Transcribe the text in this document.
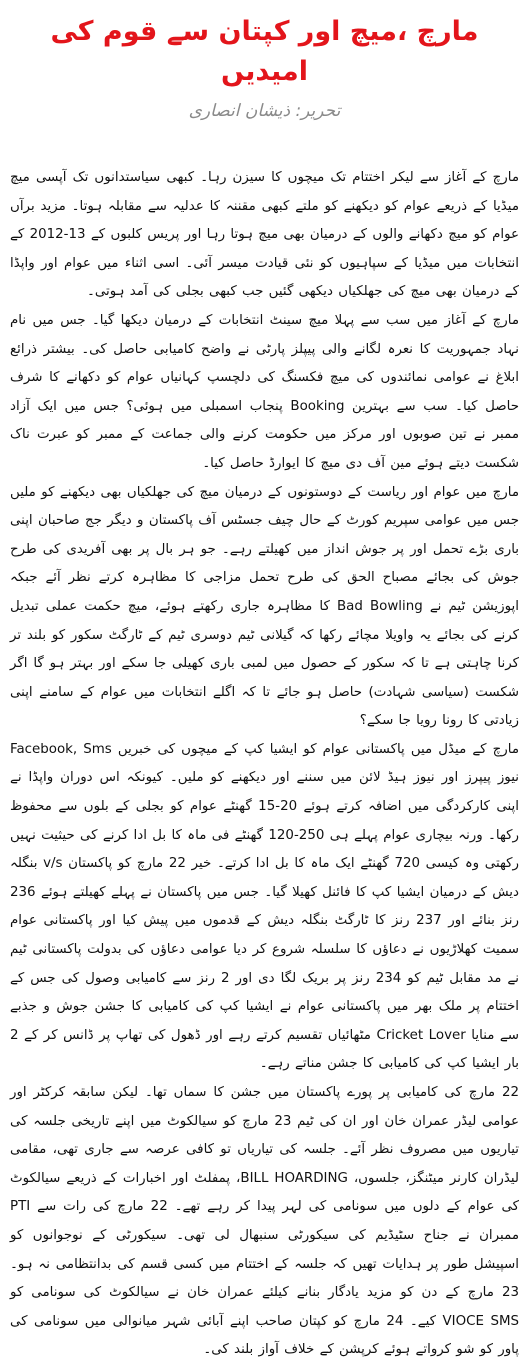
مارچ ،میچ اور کپتان سے قوم کی امیدیں
تحریر: ذیشان انصاری

مارچ کے آغاز سے لیکر اختتام تک میچوں کا سیزن رہا۔ کبھی سیاستدانوں تک آپسی میچ میڈیا کے ذریعے عوام کو دیکھنے کو ملتے کبھی مقننہ کا عدلیہ سے مقابلہ ہوتا۔ مزید برآں عوام کو میچ دکھانے والوں کے درمیان بھی میچ ہوتا رہا اور پریس کلبوں کے 13-2012 کے انتخابات میں میڈیا کے سپاہیوں کو نئی قیادت میسر آئی۔ اسی اثناء میں عوام اور واپڈا کے درمیان بھی میچ کی جھلکیاں دیکھی گئیں جب کبھی بجلی کی آمد ہوتی۔

مارچ کے آغاز میں سب سے پہلا میچ سینٹ انتخابات کے درمیان دیکھا گیا۔ جس میں نام نہاد جمہوریت کا نعرہ لگانے والی پیپلز پارٹی نے واضح کامیابی حاصل کی۔ بیشتر ذرائع ابلاغ نے عوامی نمائندوں کی میچ فکسنگ کی دلچسپ کہانیاں عوام کو دکھانے کا شرف حاصل کیا۔ سب سے بہترین Booking پنجاب اسمبلی میں ہوئی؟ جس میں ایک آزاد ممبر نے تین صوبوں اور مرکز میں حکومت کرنے والی جماعت کے ممبر کو عبرت ناک شکست دیتے ہوئے مین آف دی میچ کا ایوارڈ حاصل کیا۔

مارچ میں عوام اور ریاست کے دوستونوں کے درمیان میچ کی جھلکیاں بھی دیکھنے کو ملیں جس میں عوامی سپریم کورٹ کے حال چیف جسٹس آف پاکستان و دیگر جج صاحبان اپنی باری بڑے تحمل اور پر جوش انداز میں کھیلتے رہے۔ جو ہر بال پر بھی آفریدی کی طرح جوش کی بجائے مصباح الحق کی طرح تحمل مزاجی کا مظاہرہ کرتے نظر آئے جبکہ اپوزیشن ٹیم نے Bad Bowling کا مظاہرہ جاری رکھتے ہوئے، میچ حکمت عملی تبدیل کرنے کی بجائے یہ واویلا مچائے رکھا کہ گیلانی ٹیم دوسری ٹیم کے ٹارگٹ سکور کو بلند تر کرنا چاہتی ہے تا کہ سکور کے حصول میں لمبی باری کھیلی جا سکے اور بہتر ہو گا اگر شکست (سیاسی شہادت) حاصل ہو جائے تا کہ اگلے انتخابات میں عوام کے سامنے اپنی زیادتی کا رونا رویا جا سکے؟

مارچ کے میڈل میں پاکستانی عوام کو ایشیا کپ کے میچوں کی خبریں Facebook, Sms نیوز پیپرز اور نیوز ہیڈ لائن میں سننے اور دیکھنے کو ملیں۔ کیونکہ اس دوران واپڈا نے اپنی کارکردگی میں اضافہ کرتے ہوئے 20-15 گھنٹے عوام کو بجلی کے بلوں سے محفوظ رکھا۔ ورنہ بیچاری عوام پہلے ہی 250-120 گھنٹے فی ماہ کا بل ادا کرنے کی حیثیت نہیں رکھتی وہ کیسی 720 گھنٹے ایک ماہ کا بل ادا کرتے۔ خیر 22 مارچ کو پاکستان v/s بنگلہ دیش کے درمیان ایشیا کپ کا فائنل کھیلا گیا۔ جس میں پاکستان نے پہلے کھیلتے ہوئے 236 رنز بنائے اور 237 رنز کا ٹارگٹ بنگلہ دیش کے قدموں میں پیش کیا اور پاکستانی عوام سمیت کھلاڑیوں نے دعاؤں کا سلسلہ شروع کر دیا عوامی دعاؤں کی بدولت پاکستانی ٹیم نے مد مقابل ٹیم کو 234 رنز پر بریک لگا دی اور 2 رنز سے کامیابی وصول کی جس کے اختتام پر ملک بھر میں پاکستانی عوام نے ایشیا کپ کی کامیابی کا جشن جوش و جذبے سے منایا Cricket Lover مٹھائیاں تقسیم کرتے رہے اور ڈھول کی تھاپ پر ڈانس کر کے 2 بار ایشیا کپ کی کامیابی کا جشن مناتے رہے۔

22 مارچ کی کامیابی پر پورے پاکستان میں جشن کا سماں تھا۔ لیکن سابقہ کرکٹر اور عوامی لیڈر عمران خان اور ان کی ٹیم 23 مارچ کو سیالکوٹ میں اپنے تاریخی جلسہ کی تیاریوں میں مصروف نظر آئے۔ جلسہ کی تیاریاں تو کافی عرصہ سے جاری تھی، مقامی لیڈران کارنر میٹنگز، جلسوں، BILL HOARDING، پمفلٹ اور اخبارات کے ذریعے سیالکوٹ کی عوام کے دلوں میں سونامی کی لہر پیدا کر رہے تھے۔ 22 مارچ کی رات سے PTI ممبران نے جناح سٹیڈیم کی سیکورٹی سنبھال لی تھی۔ سیکورٹی کے نوجوانوں کو اسپیشل طور پر ہدایات تھیں کہ جلسہ کے اختتام میں کسی قسم کی بدانتظامی نہ ہو۔ 23 مارچ کے دن کو مزید یادگار بنانے کیلئے عمران خان نے سیالکوٹ کی سونامی کو VIOCE SMS کیے۔ 24 مارچ کو کپتان صاحب اپنے آبائی شہر میانوالی میں سونامی کی پاور کو شو کرواتے ہوئے کرپشن کے خلاف آواز بلند کی۔
